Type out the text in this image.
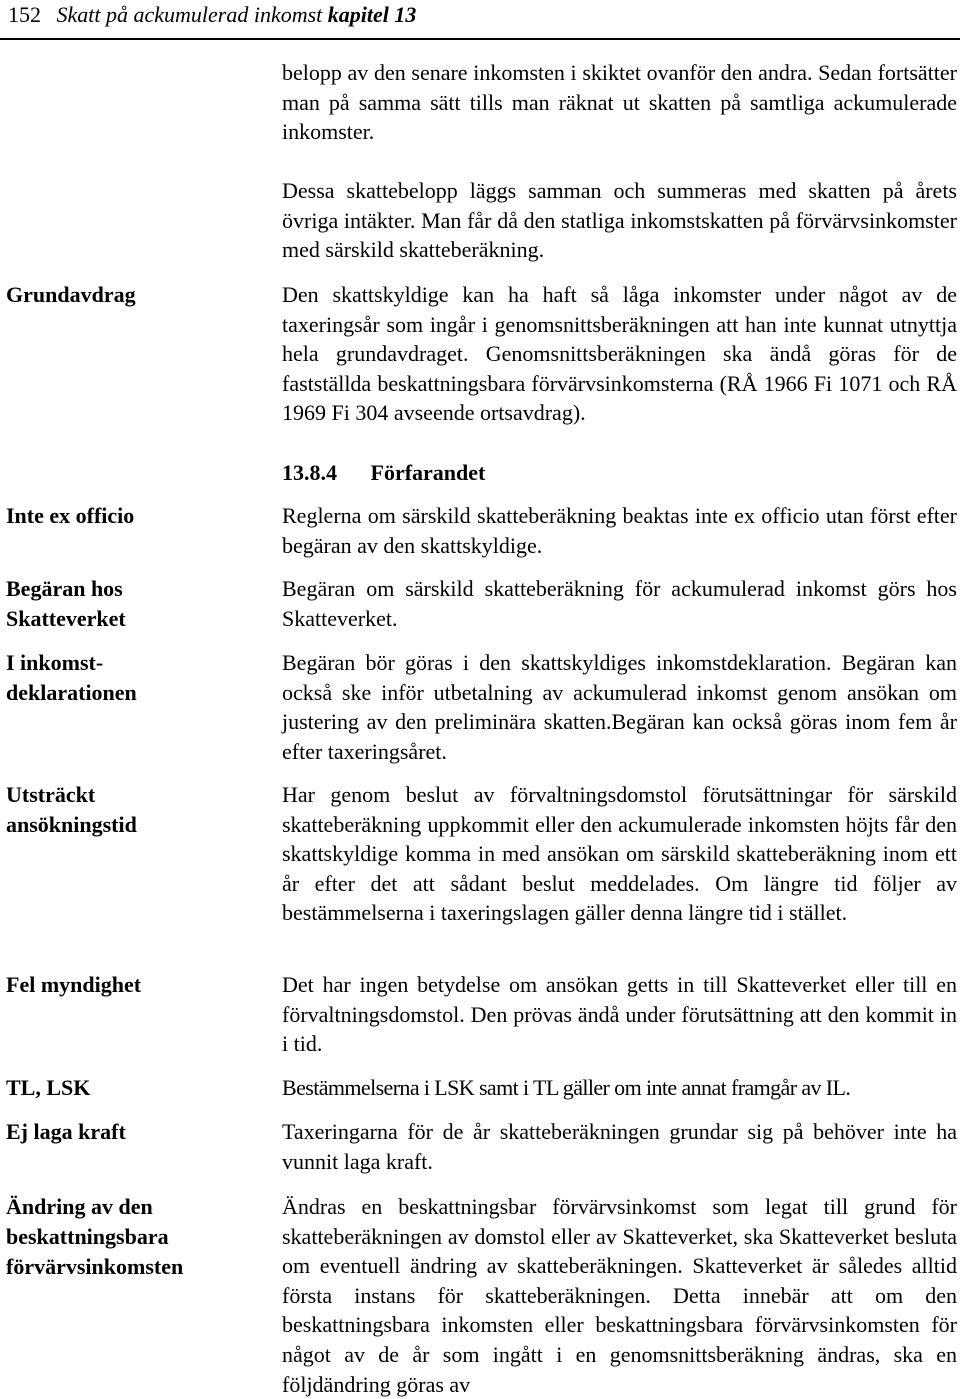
152 Skatt på ackumulerad inkomst kapitel 13
Grundavdrag
Inte ex officio
Begäran hos
Skatteverket
I inkomst-
deklarationen
Utsträckt
ansökningstid
Fel myndighet
TL, LSK
Ej laga kraft
Ändring av den
beskattningsbara
förvärvsinkomsten
belopp av den senare inkomsten i skiktet ovanför den andra. Sedan fortsätter man på samma sätt tills man räknat ut skatten på samtliga ackumulerade inkomster.
Dessa skattebelopp läggs samman och summeras med skatten på årets övriga intäkter. Man får då den statliga inkomstskatten på förvärvsinkomster med särskild skatteberäkning.
Den skattskyldige kan ha haft så låga inkomster under något av de taxeringsår som ingår i genomsnittsberäkningen att han inte kunnat utnyttja hela grundavdraget. Genomsnittsberäkningen ska ändå göras för de fastställda beskattningsbara förvärvsinkomsterna (RÅ 1966 Fi 1071 och RÅ 1969 Fi 304 avseende ortsavdrag).
13.8.4 Förfarandet
Reglerna om särskild skatteberäkning beaktas inte ex officio utan först efter begäran av den skattskyldige.
Begäran om särskild skatteberäkning för ackumulerad inkomst görs hos Skatteverket.
Begäran bör göras i den skattskyldiges inkomstdeklaration. Begäran kan också ske inför utbetalning av ackumulerad inkomst genom ansökan om justering av den preliminära skatten.Begäran kan också göras inom fem år efter taxeringsåret.
Har genom beslut av förvaltningsdomstol förutsättningar för särskild skatteberäkning uppkommit eller den ackumulerade inkomsten höjts får den skattskyldige komma in med ansökan om särskild skatteberäkning inom ett år efter det att sådant beslut meddelades. Om längre tid följer av bestämmelserna i taxeringslagen gäller denna längre tid i stället.
Det har ingen betydelse om ansökan getts in till Skatteverket eller till en förvaltningsdomstol. Den prövas ändå under förutsättning att den kommit in i tid.
Bestämmelserna i LSK samt i TL gäller om inte annat framgår av IL.
Taxeringarna för de år skatteberäkningen grundar sig på behöver inte ha vunnit laga kraft.
Ändras en beskattningsbar förvärvsinkomst som legat till grund för skatteberäkningen av domstol eller av Skatteverket, ska Skatteverket besluta om eventuell ändring av skatteberäkningen. Skatteverket är således alltid första instans för skatteberäkningen. Detta innebär att om den beskattningsbara inkomsten eller beskattningsbara förvärvsinkomsten för något av de år som ingått i en genomsnittsberäkning ändras, ska en följdändring göras av
